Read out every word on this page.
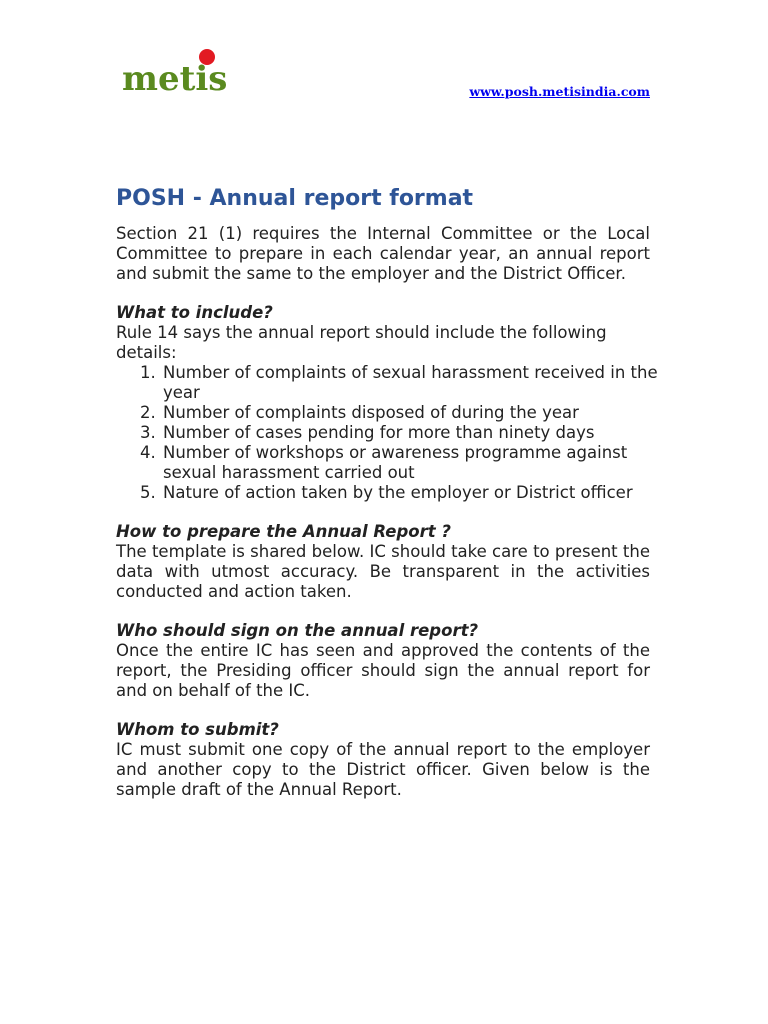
metis	www.posh.metisindia.com
POSH - Annual report format

Section 21 (1) requires the Internal Committee or the Local Committee to prepare in each calendar year, an annual report and submit the same to the employer and the District Officer.

What to include?

Rule 14 says the annual report should include the following details:

1. Number of complaints of sexual harassment received in the year
2. Number of complaints disposed of during the year
3. Number of cases pending for more than ninety days
4. Number of workshops or awareness programme against sexual harassment carried out
5. Nature of action taken by the employer or District officer

How to prepare the Annual Report ?

The template is shared below. IC should take care to present the data with utmost accuracy. Be transparent in the activities conducted and action taken.

Who should sign on the annual report?

Once the entire IC has seen and approved the contents of the report, the Presiding officer should sign the annual report for and on behalf of the IC.

Whom to submit?

IC must submit one copy of the annual report to the employer and another copy to the District officer. Given below is the sample draft of the Annual Report.
